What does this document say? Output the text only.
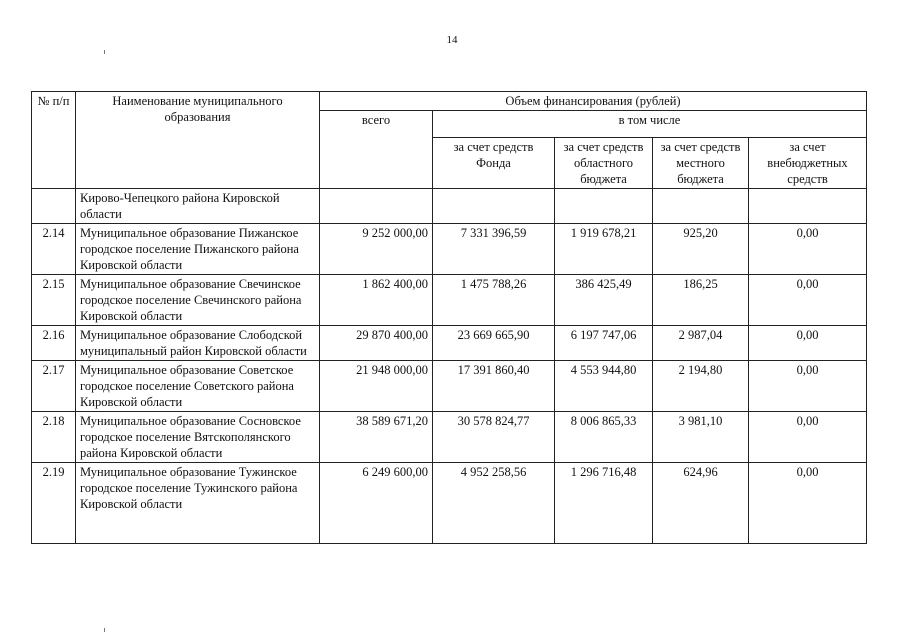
14
№ п/п	Наименование муниципального образования	Объем финансирования (рублей)				
		всего	в том числе			
			за счет средств Фонда	за счет средств областного бюджета	за счет средств местного бюджета	за счет внебюджетных средств
	Кирово-Чепецкого района Кировской области					
2.14	Муниципальное образование Пижанское городское поселение Пижанского района Кировской области	9 252 000,00	7 331 396,59	1 919 678,21	925,20	0,00
2.15	Муниципальное образование Свечинское городское поселение Свечинского района Кировской области	1 862 400,00	1 475 788,26	386 425,49	186,25	0,00
2.16	Муниципальное образование Слободской муниципальный район Кировской области	29 870 400,00	23 669 665,90	6 197 747,06	2 987,04	0,00
2.17	Муниципальное образование Советское городское поселение Советского района Кировской области	21 948 000,00	17 391 860,40	4 553 944,80	2 194,80	0,00
2.18	Муниципальное образование Сосновское городское поселение Вятскополянского района Кировской области	38 589 671,20	30 578 824,77	8 006 865,33	3 981,10	0,00
2.19	Муниципальное образование Тужинское городское поселение Тужинского района Кировской области	6 249 600,00	4 952 258,56	1 296 716,48	624,96	0,00
